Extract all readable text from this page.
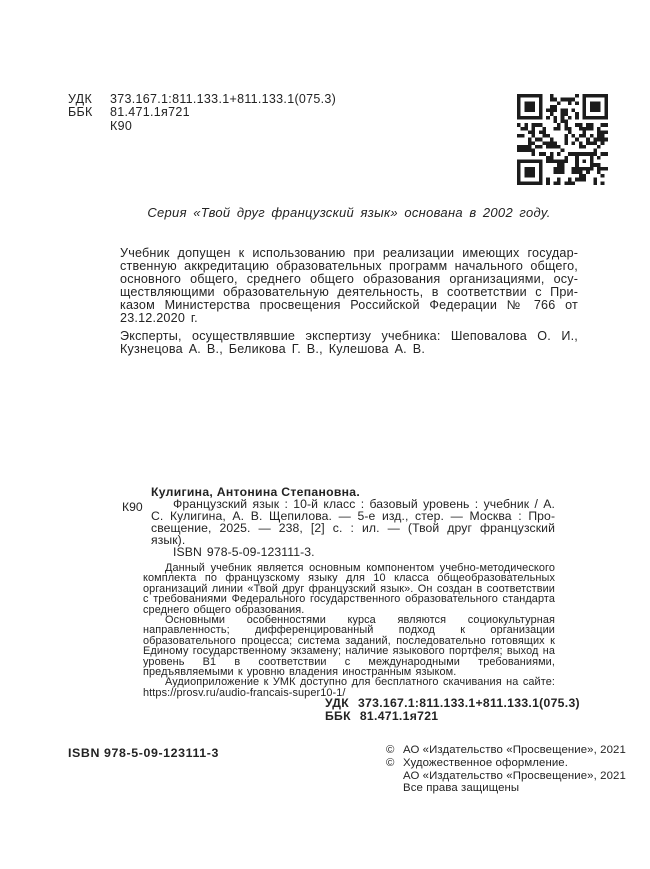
УДК	373.167.1:811.133.1+811.133.1(075.3)
ББК	81.471.1я721
К90

Серия «Твой друг французский язык» основана в 2002 году.

Учебник допущен к использованию при реализации имеющих государственную аккредитацию образовательных программ начального общего, основного общего, среднего общего образования организациями, осуществляющими образовательную деятельность, в соответствии с Приказом Министерства просвещения Российской Федерации № 766 от 23.12.2020 г.

Эксперты, осуществлявшие экспертизу учебника: Шеповалова О. И., Кузнецова А. В., Беликова Г. В., Кулешова А. В.

Кулигина, Антонина Степановна.

К90	Французский язык : 10-й класс : базовый уровень : учебник / А. С. Кулигина, А. В. Щепилова. — 5-е изд., стер. — Москва : Просвещение, 2025. — 238, [2] с. : ил. — (Твой друг французский язык).

ISBN 978-5-09-123111-3.

Данный учебник является основным компонентом учебно-методического комплекта по французскому языку для 10 класса общеобразовательных организаций линии «Твой друг французский язык». Он создан в соответствии с требованиями Федерального государственного образовательного стандарта среднего общего образования.

Основными особенностями курса являются социокультурная направленность; дифференцированный подход к организации образовательного процесса; система заданий, последовательно готовящих к Единому государственному экзамену; наличие языкового портфеля; выход на уровень B1 в соответствии с международными требованиями, предъявляемыми к уровню владения иностранным языком.

Аудиоприложение к УМК доступно для бесплатного скачивания на сайте: https://prosv.ru/audio-francais-super10-1/

УДК 373.167.1:811.133.1+811.133.1(075.3)
ББК 81.471.1я721
ISBN 978-5-09-123111-3	© АО «Издательство «Просвещение», 2021
© Художественное оформление.
АО «Издательство «Просвещение», 2021
Все права защищены
